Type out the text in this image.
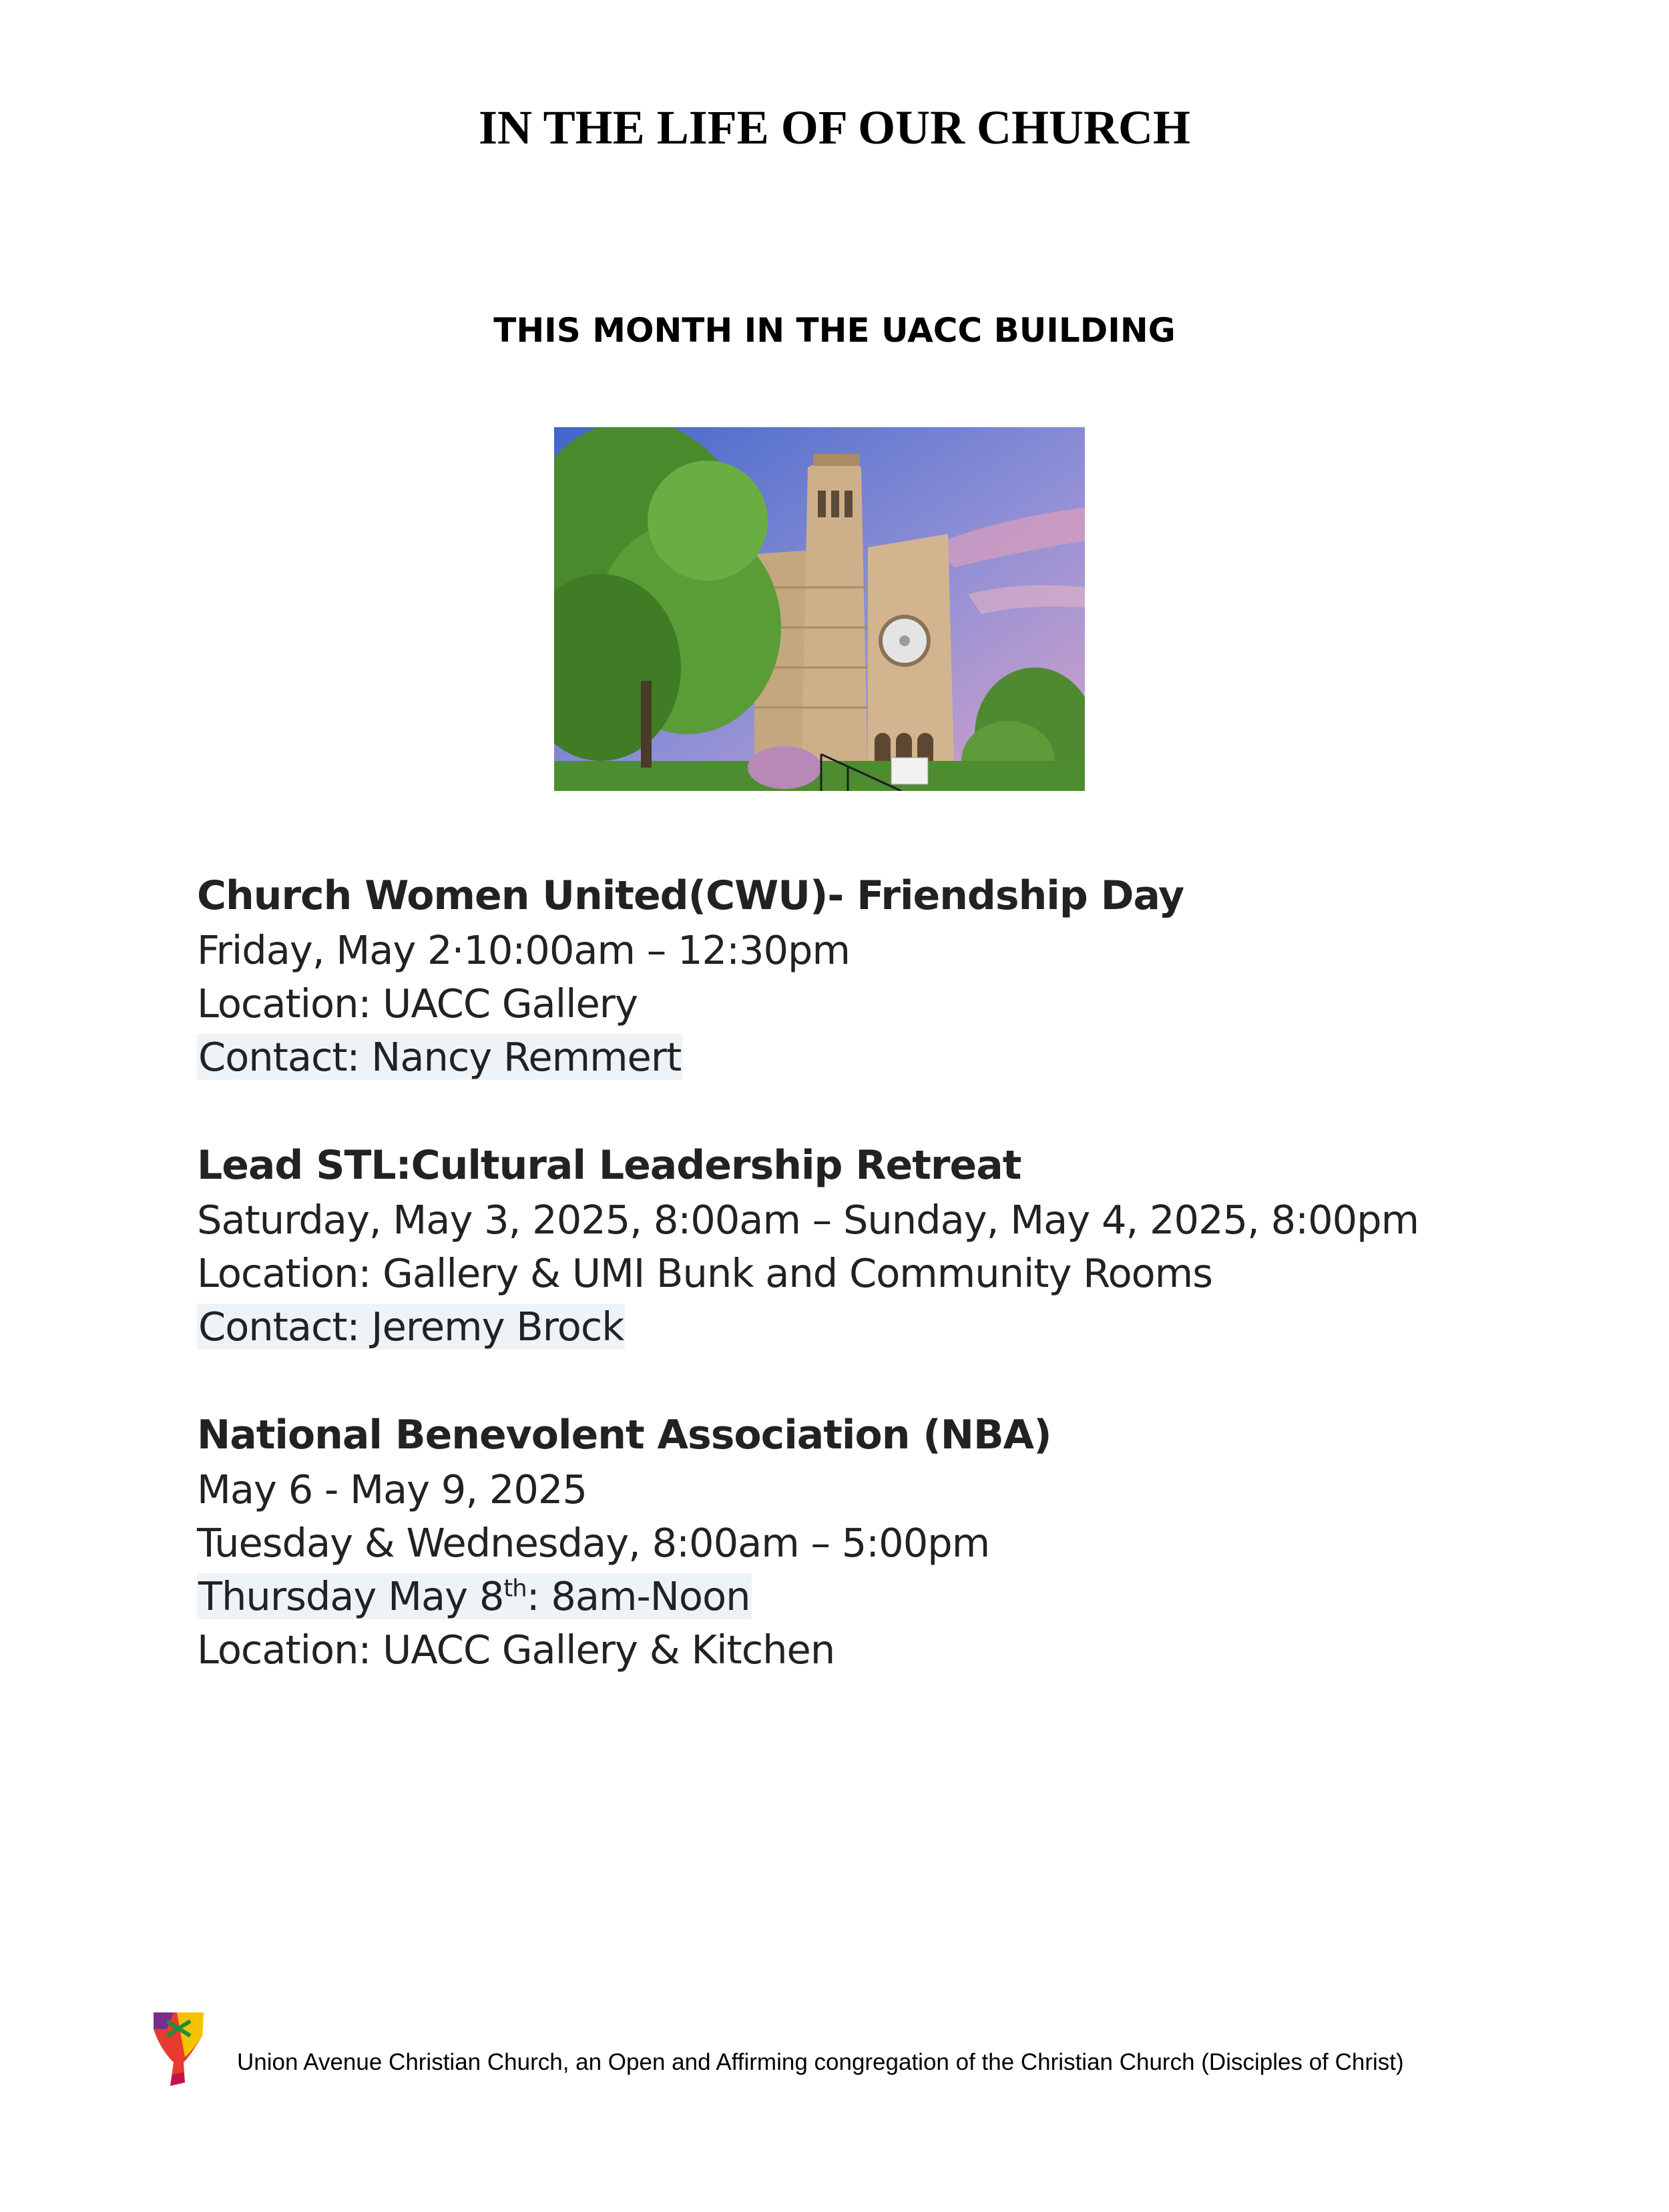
IN THE LIFE OF OUR CHURCH
THIS MONTH IN THE UACC BUILDING

Church Women United(CWU)- Friendship Day

Friday, May 2·10:00am – 12:30pm

Location: UACC Gallery

Contact: Nancy Remmert

Lead STL:Cultural Leadership Retreat

Saturday, May 3, 2025, 8:00am – Sunday, May 4, 2025, 8:00pm

Location: Gallery & UMI Bunk and Community Rooms

Contact: Jeremy Brock

National Benevolent Association (NBA)

May 6 - May 9, 2025

Tuesday & Wednesday, 8:00am – 5:00pm

Thursday May 8th: 8am-Noon

Location: UACC Gallery & Kitchen

Union Avenue Christian Church, an Open and Affirming congregation of the Christian Church (Disciples of Christ)
